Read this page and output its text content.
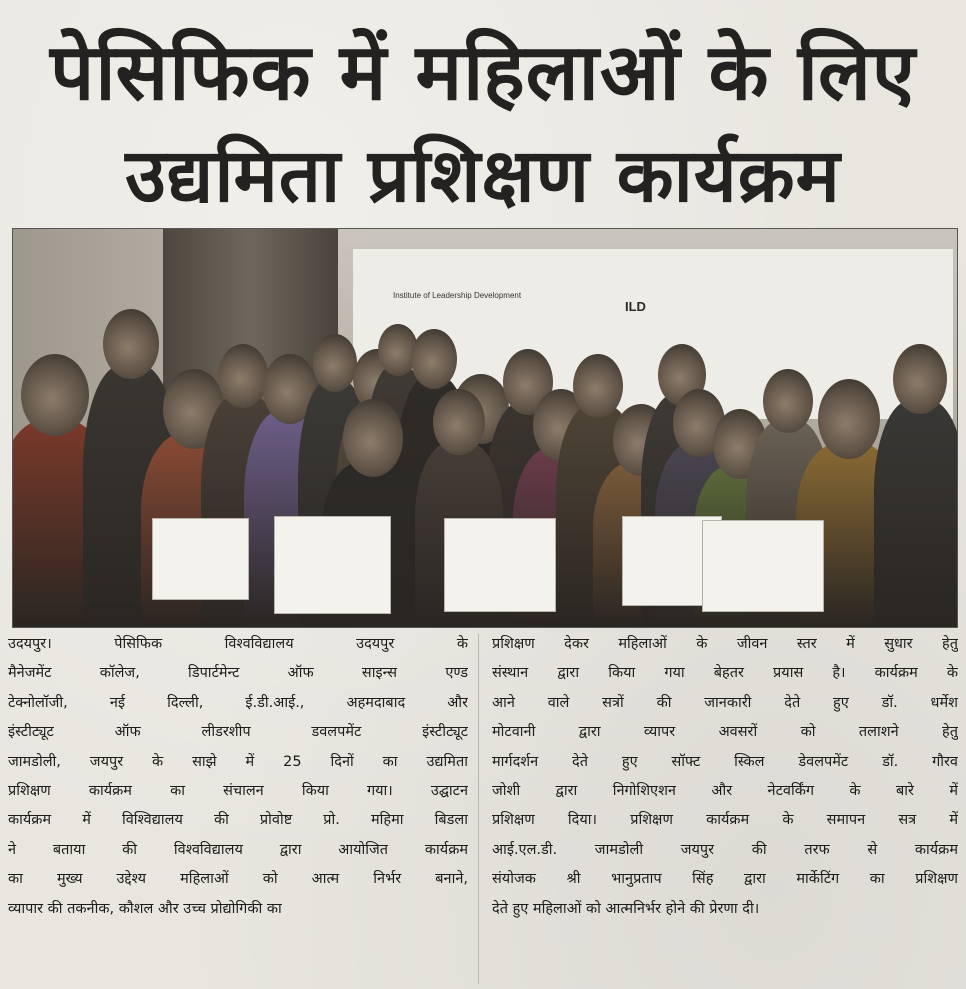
पेसिफिक में महिलाओं के लिए
उद्यमिता प्रशिक्षण कार्यक्रम
Institute of Leadership Development
ILD
उदयपुर। पेसिफिक विश्वविद्यालय उदयपुर के
मैनेजमेंट कॉलेज, डिपार्टमेन्ट ऑफ साइन्स एण्ड
टेक्नोलॉजी, नई दिल्ली, ई.डी.आई., अहमदाबाद और
इंस्टीट्यूट ऑफ लीडरशीप डवलपमेंट इंस्टीट्यूट
जामडोली, जयपुर के साझे में 25 दिनों का उद्यमिता
प्रशिक्षण कार्यक्रम का संचालन किया गया। उद्घाटन
कार्यक्रम में विश्विद्यालय की प्रोवोष्ट प्रो. महिमा बिडला
ने बताया की विश्वविद्यालय द्वारा आयोजित कार्यक्रम
का मुख्य उद्देश्य महिलाओं को आत्म निर्भर बनाने,
व्यापार की तकनीक, कौशल और उच्च प्रोद्योगिकी का
प्रशिक्षण देकर महिलाओं के जीवन स्तर में सुधार हेतु
संस्थान द्वारा किया गया बेहतर प्रयास है। कार्यक्रम के
आने वाले सत्रों की जानकारी देते हुए डॉ. धर्मेश
मोटवानी द्वारा व्यापर अवसरों को तलाशने हेतु
मार्गदर्शन देते हुए सॉफ्ट स्किल डेवलपमेंट डॉ. गौरव
जोशी द्वारा निगोशिएशन और नेटवर्किंग के बारे में
प्रशिक्षण दिया। प्रशिक्षण कार्यक्रम के समापन सत्र में
आई.एल.डी. जामडोली जयपुर की तरफ से कार्यक्रम
संयोजक श्री भानुप्रताप सिंह द्वारा मार्केटिंग का प्रशिक्षण
देते हुए महिलाओं को आत्मनिर्भर होने की प्रेरणा दी।
